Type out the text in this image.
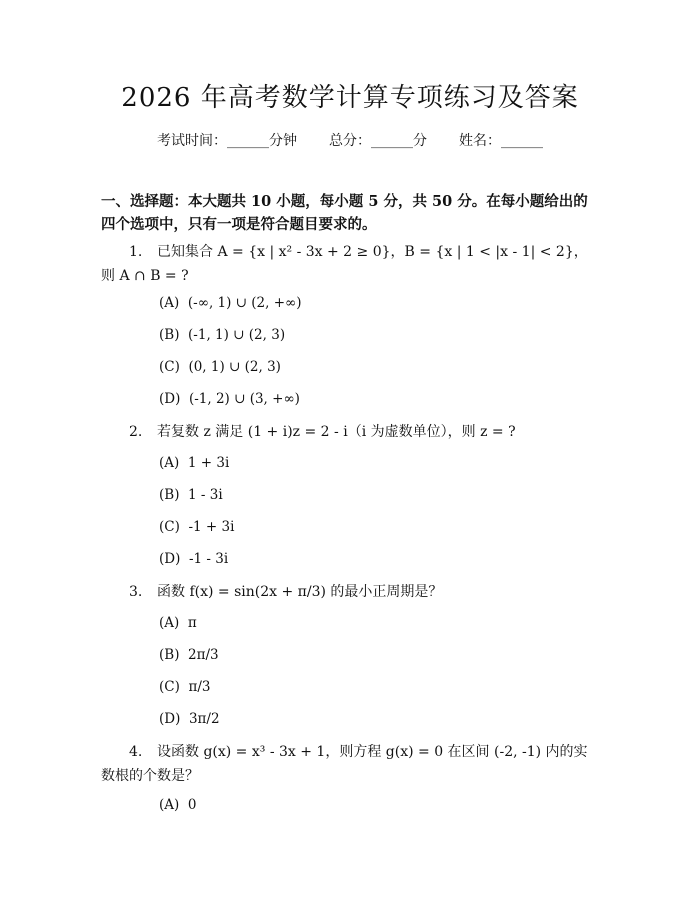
2026 年高考数学计算专项练习及答案
考试时间：______分钟 总分：______分 姓名：______
一、选择题：本大题共 10 小题，每小题 5 分，共 50 分。在每小题给出的四个选项中，只有一项是符合题目要求的。
1. 已知集合 A = {x | x² - 3x + 2 ≥ 0}，B = {x | 1 < |x - 1| < 2}，则 A ∩ B = ?
(A)  (-∞, 1) ∪ (2, +∞)
(B)  (-1, 1) ∪ (2, 3)
(C)  (0, 1) ∪ (2, 3)
(D)  (-1, 2) ∪ (3, +∞)
2. 若复数 z 满足 (1 + i)z = 2 - i（i 为虚数单位），则 z = ?
(A)  1 + 3i
(B)  1 - 3i
(C)  -1 + 3i
(D)  -1 - 3i
3. 函数 f(x) = sin(2x + π/3) 的最小正周期是？
(A)  π
(B)  2π/3
(C)  π/3
(D)  3π/2
4. 设函数 g(x) = x³ - 3x + 1，则方程 g(x) = 0 在区间 (-2, -1) 内的实数根的个数是？
(A)  0
